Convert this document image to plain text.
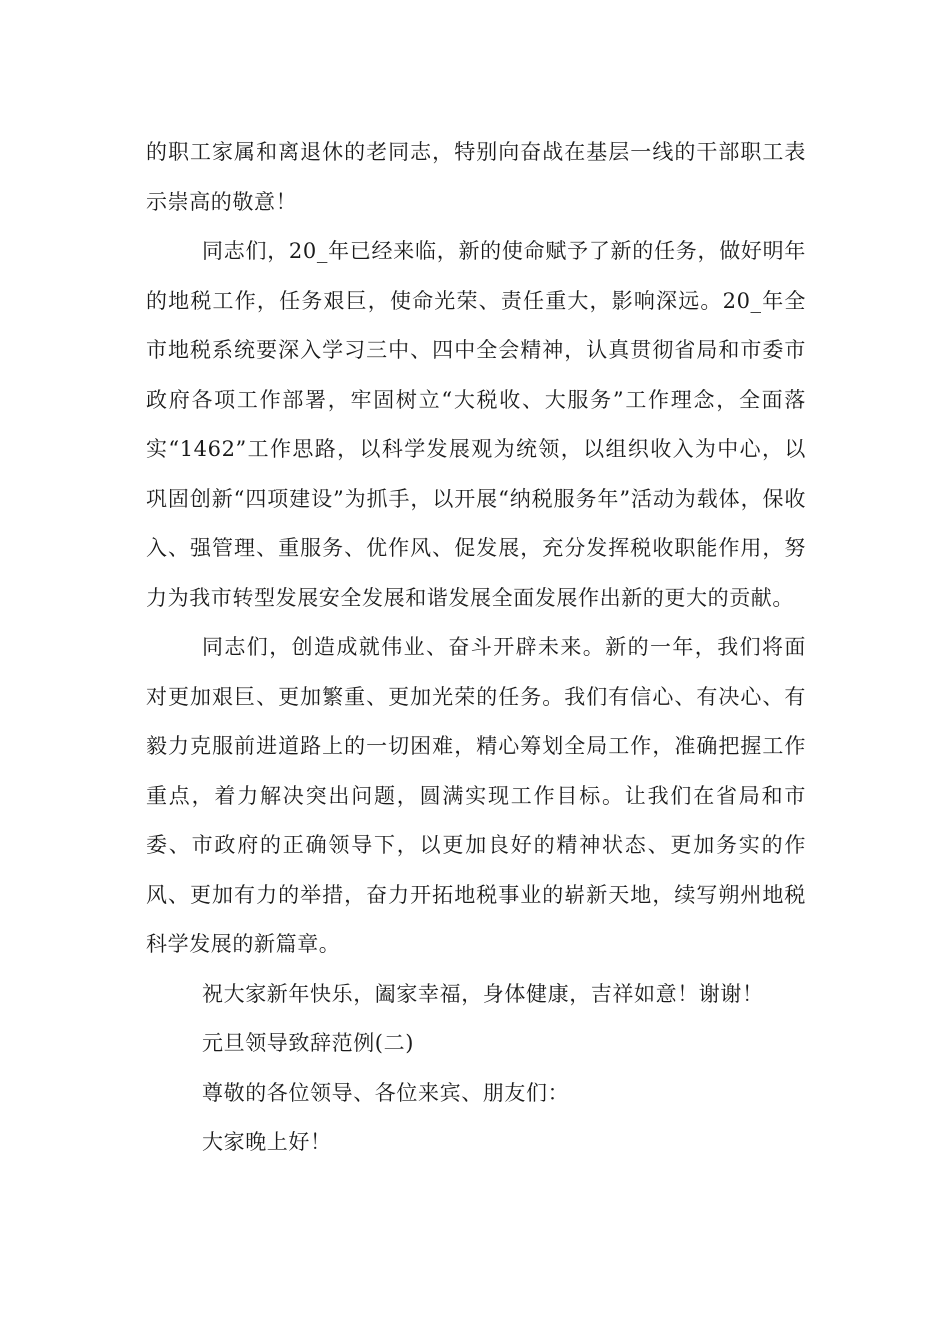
的职工家属和离退休的老同志，特别向奋战在基层一线的干部职工表示崇高的敬意！

同志们，20_年已经来临，新的使命赋予了新的任务，做好明年的地税工作，任务艰巨，使命光荣、责任重大，影响深远。20_年全市地税系统要深入学习三中、四中全会精神，认真贯彻省局和市委市政府各项工作部署，牢固树立“大税收、大服务”工作理念，全面落实“1462”工作思路，以科学发展观为统领，以组织收入为中心，以巩固创新“四项建设”为抓手，以开展“纳税服务年”活动为载体，保收入、强管理、重服务、优作风、促发展，充分发挥税收职能作用，努力为我市转型发展安全发展和谐发展全面发展作出新的更大的贡献。

同志们，创造成就伟业、奋斗开辟未来。新的一年，我们将面对更加艰巨、更加繁重、更加光荣的任务。我们有信心、有决心、有毅力克服前进道路上的一切困难，精心筹划全局工作，准确把握工作重点，着力解决突出问题，圆满实现工作目标。让我们在省局和市委、市政府的正确领导下，以更加良好的精神状态、更加务实的作风、更加有力的举措，奋力开拓地税事业的崭新天地，续写朔州地税科学发展的新篇章。

祝大家新年快乐，阖家幸福，身体健康，吉祥如意！谢谢！

元旦领导致辞范例(二)

尊敬的各位领导、各位来宾、朋友们：

大家晚上好！
